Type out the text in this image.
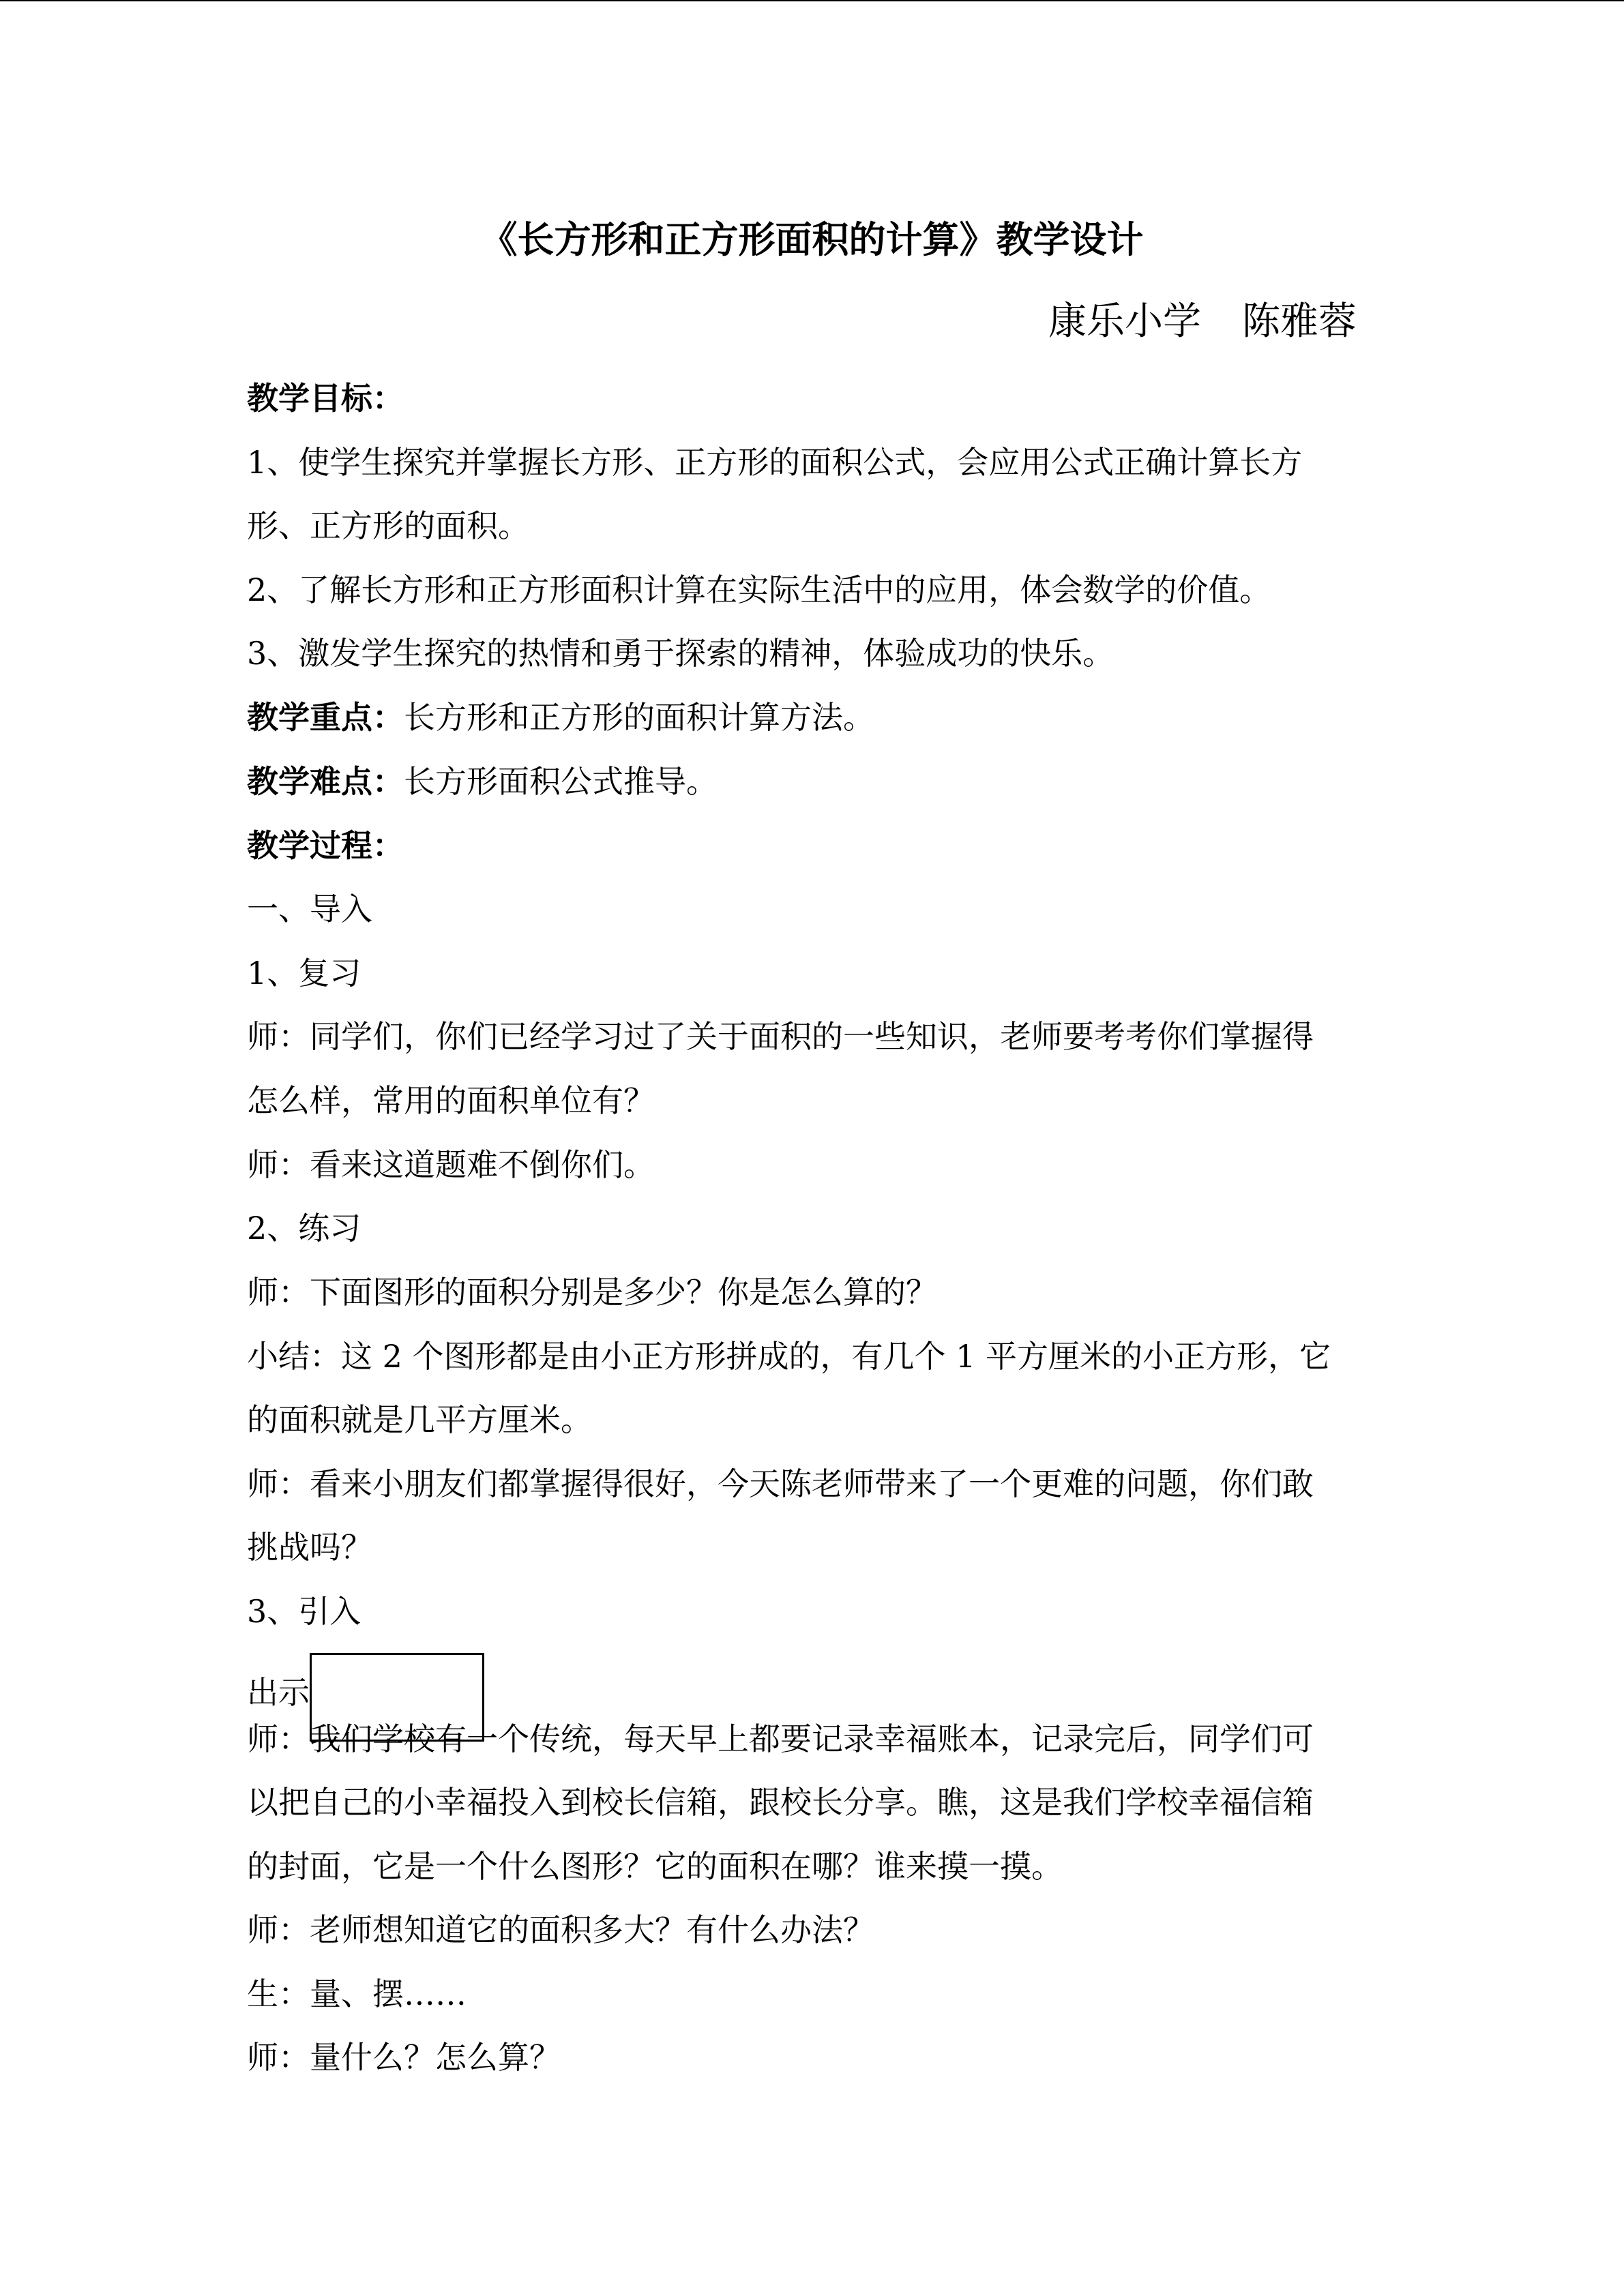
《长方形和正方形面积的计算》教学设计
康乐小学 陈雅蓉
教学目标：
1、使学生探究并掌握长方形、正方形的面积公式，会应用公式正确计算长方
形、正方形的面积。
2、了解长方形和正方形面积计算在实际生活中的应用，体会数学的价值。
3、激发学生探究的热情和勇于探索的精神，体验成功的快乐。
教学重点：长方形和正方形的面积计算方法。
教学难点：长方形面积公式推导。
教学过程：
一、导入
1、复习
师：同学们，你们已经学习过了关于面积的一些知识，老师要考考你们掌握得
怎么样，常用的面积单位有？
师：看来这道题难不倒你们。
2、练习
师：下面图形的面积分别是多少？你是怎么算的？
小结：这 2 个图形都是由小正方形拼成的，有几个 1 平方厘米的小正方形，它
的面积就是几平方厘米。
师：看来小朋友们都掌握得很好，今天陈老师带来了一个更难的问题，你们敢
挑战吗？
3、引入
出示
师：我们学校有一个传统，每天早上都要记录幸福账本，记录完后，同学们可
以把自己的小幸福投入到校长信箱，跟校长分享。瞧，这是我们学校幸福信箱
的封面，它是一个什么图形？它的面积在哪？谁来摸一摸。
师：老师想知道它的面积多大？有什么办法？
生：量、摆……
师：量什么？怎么算？
